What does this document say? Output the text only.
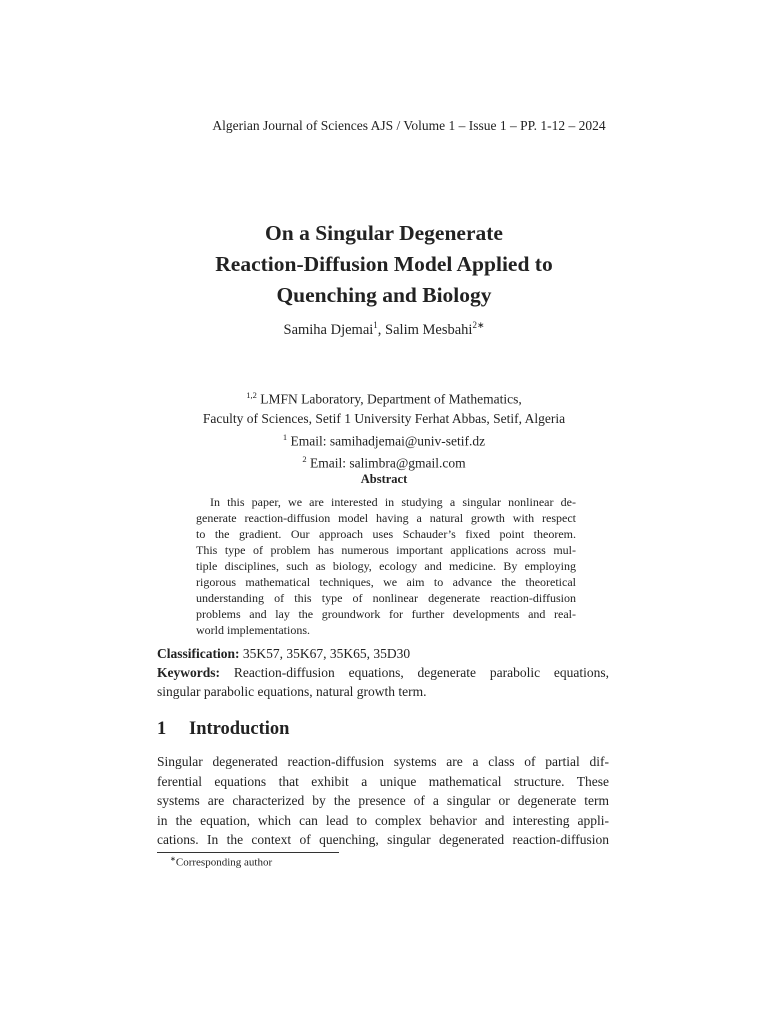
Algerian Journal of Sciences AJS / Volume 1 – Issue 1 – PP. 1-12 – 2024
On a Singular Degenerate
Reaction-Diffusion Model Applied to
Quenching and Biology
Samiha Djemai$^1$, Salim Mesbahi$^{2∗}$
$^{1,2}$ LMFN Laboratory, Department of Mathematics,
Faculty of Sciences, Setif 1 University Ferhat Abbas, Setif, Algeria
$^1$ Email: samihadjemai@univ-setif.dz
$^2$ Email: salimbra@gmail.com
Abstract
In this paper, we are interested in studying a singular nonlinear de-
generate reaction-diffusion model having a natural growth with respect
to the gradient. Our approach uses Schauder’s fixed point theorem.
This type of problem has numerous important applications across mul-
tiple disciplines, such as biology, ecology and medicine. By employing
rigorous mathematical techniques, we aim to advance the theoretical
understanding of this type of nonlinear degenerate reaction-diffusion
problems and lay the groundwork for further developments and real-
world implementations.
Classification: 35K57, 35K67, 35K65, 35D30
Keywords: Reaction-diffusion equations, degenerate parabolic equations,
singular parabolic equations, natural growth term.
1 Introduction
Singular degenerated reaction-diffusion systems are a class of partial dif-
ferential equations that exhibit a unique mathematical structure. These
systems are characterized by the presence of a singular or degenerate term
in the equation, which can lead to complex behavior and interesting appli-
cations. In the context of quenching, singular degenerated reaction-diffusion
∗Corresponding author
